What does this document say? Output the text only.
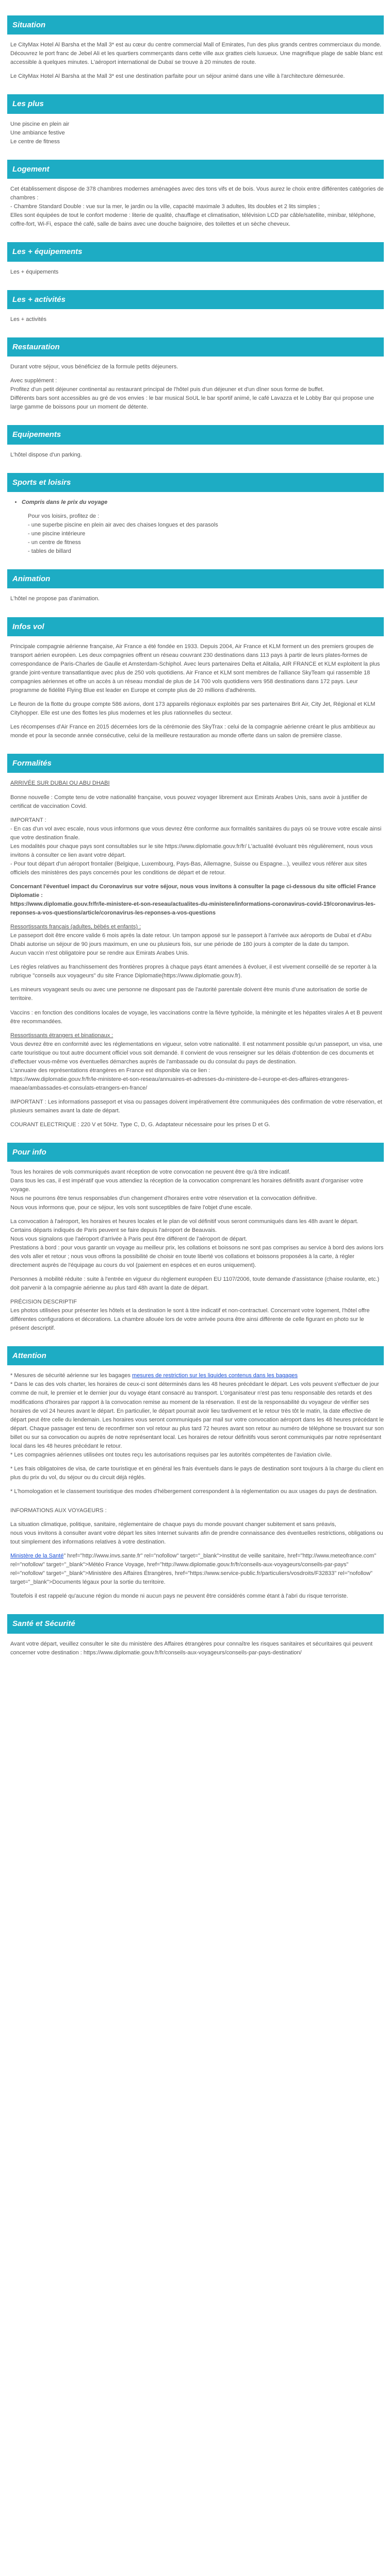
Situation

Le CityMax Hotel Al Barsha et the Mall 3* est au cœur du centre commercial Mall of Emirates, l'un des plus grands centres commerciaux du monde. Découvrez le port franc de Jebel Ali et les quartiers commerçants dans cette ville aux grattes ciels luxueux. Une magnifique plage de sable blanc est accessible à quelques minutes. L'aéroport international de Dubaï se trouve à 20 minutes de route.

Le CityMax Hotel Al Barsha at the Mall 3* est une destination parfaite pour un séjour animé dans une ville à l'architecture démesurée.

Les plus
Une piscine en plein air
Une ambiance festive
Le centre de fitness
Logement

Cet établissement dispose de 378 chambres modernes aménagées avec des tons vifs et de bois. Vous aurez le choix entre différentes catégories de chambres :
- Chambre Standard Double : vue sur la mer, le jardin ou la ville, capacité maximale 3 adultes, lits doubles et 2 lits simples ;
Elles sont équipées de tout le confort moderne : literie de qualité, chauffage et climatisation, télévision LCD par câble/satellite, minibar, téléphone, coffre-fort, Wi-Fi, espace thé café, salle de bains avec une douche baignoire, des toilettes et un sèche cheveux.

Les + équipements

Les + équipements

Les + activités

Les + activités

Restauration

Durant votre séjour, vous bénéficiez de la formule petits déjeuners.

Avec supplément :
Profitez d'un petit déjeuner continental au restaurant principal de l'hôtel puis d'un déjeuner et d'un dîner sous forme de buffet.
Différents bars sont accessibles au gré de vos envies : le bar musical SoUL le bar sportif animé, le café Lavazza et le Lobby Bar qui propose une large gamme de boissons pour un moment de détente.

Equipements

L'hôtel dispose d'un parking.

Sports et loisirs
• Compris dans le prix du voyage
Pour vos loisirs, profitez de :
- une superbe piscine en plein air avec des chaises longues et des parasols
- une piscine intérieure
- un centre de fitness
- tables de billard
Animation

L'hôtel ne propose pas d'animation.

Infos vol

Principale compagnie aérienne française, Air France a été fondée en 1933. Depuis 2004, Air France et KLM forment un des premiers groupes de transport aérien européen. Les deux compagnies offrent un réseau couvrant 230 destinations dans 113 pays à partir de leurs plates-formes de correspondance de Paris-Charles de Gaulle et Amsterdam-Schiphol. Avec leurs partenaires Delta et Alitalia, AIR FRANCE et KLM exploitent la plus grande joint-venture transatlantique avec plus de 250 vols quotidiens. Air France et KLM sont membres de l'alliance SkyTeam qui rassemble 18 compagnies aériennes et offre un accès à un réseau mondial de plus de 14 700 vols quotidiens vers 958 destinations dans 172 pays. Leur programme de fidélité Flying Blue est leader en Europe et compte plus de 20 millions d'adhérents.

Le fleuron de la flotte du groupe compte 586 avions, dont 173 appareils régionaux exploités par ses partenaires Brit Air, City Jet, Régional et KLM Cityhopper. Elle est une des flottes les plus modernes et les plus rationnelles du secteur.

Les récompenses d'Air France en 2015 décernées lors de la cérémonie des SkyTrax : celui de la compagnie aérienne créant le plus ambitieux au monde et pour la seconde année consécutive, celui de la meilleure restauration au monde offerte dans un salon de première classe.

Formalités

ARRIVÉE SUR DUBAI OU ABU DHABI

Bonne nouvelle : Compte tenu de votre nationalité française, vous pouvez voyager librement aux Emirats Arabes Unis, sans avoir à justifier de certificat de vaccination Covid.

IMPORTANT :
- En cas d'un vol avec escale, nous vous informons que vous devrez être conforme aux formalités sanitaires du pays où se trouve votre escale ainsi que votre destination finale.
Les modalités pour chaque pays sont consultables sur le site https://www.diplomatie.gouv.fr/fr/ L'actualité évoluant très régulièrement, nous vous invitons à consulter ce lien avant votre départ.
- Pour tout départ d'un aéroport frontalier (Belgique, Luxembourg, Pays-Bas, Allemagne, Suisse ou Espagne...), veuillez vous référer aux sites officiels des ministères des pays concernés pour les conditions de départ et de retour.

Concernant l'éventuel impact du Coronavirus sur votre séjour, nous vous invitons à consulter la page ci-dessous du site officiel France Diplomatie :
https://www.diplomatie.gouv.fr/fr/le-ministere-et-son-reseau/actualites-du-ministere/informations-coronavirus-covid-19/coronavirus-les-reponses-a-vos-questions/article/coronavirus-les-reponses-a-vos-questions

Ressortissants français (adultes, bébés et enfants) :

Le passeport doit être encore valide 6 mois après la date retour. Un tampon apposé sur le passeport à l'arrivée aux aéroports de Dubaï et d'Abu Dhabi autorise un séjour de 90 jours maximum, en une ou plusieurs fois, sur une période de 180 jours à compter de la date du tampon.
Aucun vaccin n'est obligatoire pour se rendre aux Emirats Arabes Unis.

Les règles relatives au franchissement des frontières propres à chaque pays étant amenées à évoluer, il est vivement conseillé de se reporter à la rubrique "conseils aux voyageurs" du site France Diplomatie(https://www.diplomatie.gouv.fr).

Les mineurs voyageant seuls ou avec une personne ne disposant pas de l'autorité parentale doivent être munis d'une autorisation de sortie de territoire.

Vaccins : en fonction des conditions locales de voyage, les vaccinations contre la fièvre typhoïde, la méningite et les hépatites virales A et B peuvent être recommandées.

Ressortissants étrangers et binationaux :

Vous devrez être en conformité avec les réglementations en vigueur, selon votre nationalité. Il est notamment possible qu'un passeport, un visa, une carte touristique ou tout autre document officiel vous soit demandé. Il convient de vous renseigner sur les délais d'obtention de ces documents et d'effectuer vous-même vos éventuelles démarches auprès de l'ambassade ou du consulat du pays de destination.
L'annuaire des représentations étrangères en France est disponible via ce lien :
https://www.diplomatie.gouv.fr/fr/le-ministere-et-son-reseau/annuaires-et-adresses-du-ministere-de-l-europe-et-des-affaires-etrangeres-maeae/ambassades-et-consulats-etrangers-en-france/

IMPORTANT : Les informations passeport et visa ou passages doivent impérativement être communiquées dès confirmation de votre réservation, et plusieurs semaines avant la date de départ.

COURANT ELECTRIQUE : 220 V et 50Hz. Type C, D, G. Adaptateur nécessaire pour les prises D et G.

Pour info

Tous les horaires de vols communiqués avant réception de votre convocation ne peuvent être qu'à titre indicatif.
Dans tous les cas, il est impératif que vous attendiez la réception de la convocation comprenant les horaires définitifs avant d'organiser votre voyage.
Nous ne pourrons être tenus responsables d'un changement d'horaires entre votre réservation et la convocation définitive.
Nous vous informons que, pour ce séjour, les vols sont susceptibles de faire l'objet d'une escale.

La convocation à l'aéroport, les horaires et heures locales et le plan de vol définitif vous seront communiqués dans les 48h avant le départ.
Certains départs indiqués de Paris peuvent se faire depuis l'aéroport de Beauvais.
Nous vous signalons que l'aéroport d'arrivée à Paris peut être différent de l'aéroport de départ.
Prestations à bord : pour vous garantir un voyage au meilleur prix, les collations et boissons ne sont pas comprises au service à bord des avions lors des vols aller et retour ; nous vous offrons la possibilité de choisir en toute liberté vos collations et boissons proposées à la carte, à régler directement auprès de l'équipage au cours du vol (paiement en espèces et en euros uniquement).

Personnes à mobilité réduite : suite à l'entrée en vigueur du règlement européen EU 1107/2006, toute demande d'assistance (chaise roulante, etc.) doit parvenir à la compagnie aérienne au plus tard 48h avant la date de départ.

PRÉCISION DESCRIPTIF
Les photos utilisées pour présenter les hôtels et la destination le sont à titre indicatif et non-contractuel. Concernant votre logement, l'hôtel offre différentes configurations et décorations. La chambre allouée lors de votre arrivée pourra être ainsi différente de celle figurant en photo sur le présent descriptif.

Attention

* Mesures de sécurité aérienne sur les bagages mesures de restriction sur les liquides contenus dans les bagages
* Dans le cas des vols charter, les horaires de ceux-ci sont déterminés dans les 48 heures précédant le départ. Les vols peuvent s'effectuer de jour comme de nuit, le premier et le dernier jour du voyage étant consacré au transport. L'organisateur n'est pas tenu responsable des retards et des modifications d'horaires par rapport à la convocation remise au moment de la réservation. Il est de la responsabilité du voyageur de vérifier ses horaires de vol 24 heures avant le départ. En particulier, le départ pourrait avoir lieu tardivement et le retour très tôt le matin, la date effective de départ peut être celle du lendemain. Les horaires vous seront communiqués par mail sur votre convocation aéroport dans les 48 heures précédant le départ. Chaque passager est tenu de reconfirmer son vol retour au plus tard 72 heures avant son retour au numéro de téléphone se trouvant sur son billet ou sur sa convocation ou auprès de notre représentant local. Les horaires de retour définitifs vous seront communiqués par notre représentant local dans les 48 heures précédant le retour.
* Les compagnies aériennes utilisées ont toutes reçu les autorisations requises par les autorités compétentes de l'aviation civile.

* Les frais obligatoires de visa, de carte touristique et en général les frais éventuels dans le pays de destination sont toujours à la charge du client en plus du prix du vol, du séjour ou du circuit déjà réglés.

* L'homologation et le classement touristique des modes d'hébergement correspondent à la réglementation ou aux usages du pays de destination.

INFORMATIONS AUX VOYAGEURS :

La situation climatique, politique, sanitaire, réglementaire de chaque pays du monde pouvant changer subitement et sans préavis,
nous vous invitons à consulter avant votre départ les sites Internet suivants afin de prendre connaissance des éventuelles restrictions, obligations ou tout simplement des informations relatives à votre destination.

Ministère de la Santé" href="http://www.invs.sante.fr" rel="nofollow" target="_blank">Institut de veille sanitaire, href="http://www.meteofrance.com" rel="nofollow" target="_blank">Météo France Voyage, href="http://www.diplomatie.gouv.fr/fr/conseils-aux-voyageurs/conseils-par-pays" rel="nofollow" target="_blank">Ministère des Affaires Étrangères, href="https://www.service-public.fr/particuliers/vosdroits/F32833" rel="nofollow" target="_blank">Documents légaux pour la sortie du territoire.

Toutefois il est rappelé qu'aucune région du monde ni aucun pays ne peuvent être considérés comme étant à l'abri du risque terroriste.

Santé et Sécurité

Avant votre départ, veuillez consulter le site du ministère des Affaires étrangères pour connaître les risques sanitaires et sécuritaires qui peuvent concerner votre destination : https://www.diplomatie.gouv.fr/fr/conseils-aux-voyageurs/conseils-par-pays-destination/
